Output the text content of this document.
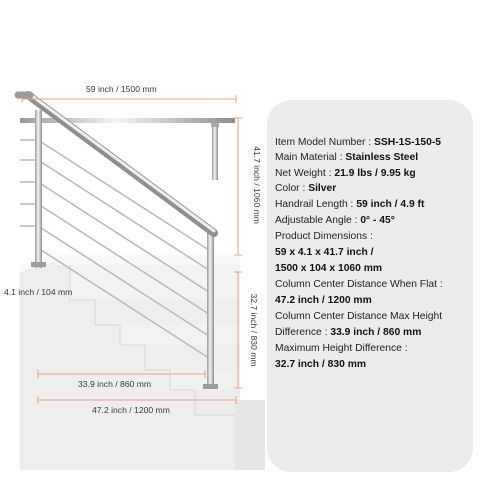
59 inch / 1500 mm
41.7 inch / 1060 mm
4.1 inch / 104 mm
32.7 inch / 830 mm
33.9 inch / 860 mm
47.2 inch / 1200 mm
Item Model Number : SSH-1S-150-5
Main Material : Stainless Steel
Net Weight : 21.9 lbs / 9.95 kg
Color : Silver
Handrail Length : 59 inch / 4.9 ft
Adjustable Angle : 0° - 45°
Product Dimensions :
59 x 4.1 x 41.7 inch /
1500 x 104 x 1060 mm
Column Center Distance When Flat :
47.2 inch / 1200 mm
Column Center Distance Max Height
Difference : 33.9 inch / 860 mm
Maximum Height Difference :
32.7 inch / 830 mm
